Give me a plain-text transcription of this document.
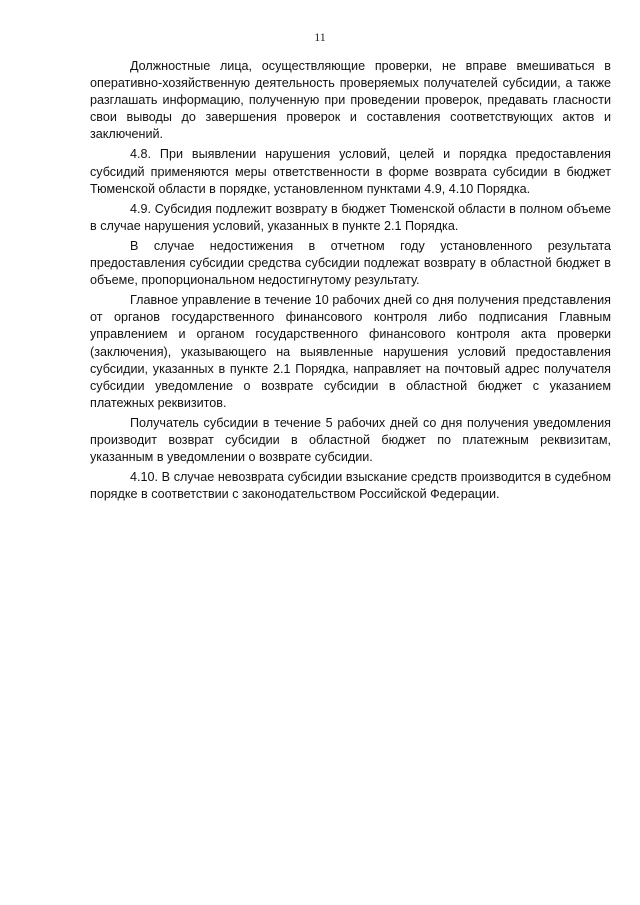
11

Должностные лица, осуществляющие проверки, не вправе вмешиваться в оперативно-хозяйственную деятельность проверяемых получателей субсидии, а также разглашать информацию, полученную при проведении проверок, предавать гласности свои выводы до завершения проверок и составления соответствующих актов и заключений.

4.8. При выявлении нарушения условий, целей и порядка предоставления субсидий применяются меры ответственности в форме возврата субсидии в бюджет Тюменской области в порядке, установленном пунктами 4.9, 4.10 Порядка.

4.9. Субсидия подлежит возврату в бюджет Тюменской области в полном объеме в случае нарушения условий, указанных в пункте 2.1 Порядка.

В случае недостижения в отчетном году установленного результата предоставления субсидии средства субсидии подлежат возврату в областной бюджет в объеме, пропорциональном недостигнутому результату.

Главное управление в течение 10 рабочих дней со дня получения представления от органов государственного финансового контроля либо подписания Главным управлением и органом государственного финансового контроля акта проверки (заключения), указывающего на выявленные нарушения условий предоставления субсидии, указанных в пункте 2.1 Порядка, направляет на почтовый адрес получателя субсидии уведомление о возврате субсидии в областной бюджет с указанием платежных реквизитов.

Получатель субсидии в течение 5 рабочих дней со дня получения уведомления производит возврат субсидии в областной бюджет по платежным реквизитам, указанным в уведомлении о возврате субсидии.

4.10. В случае невозврата субсидии взыскание средств производится в судебном порядке в соответствии с законодательством Российской Федерации.
